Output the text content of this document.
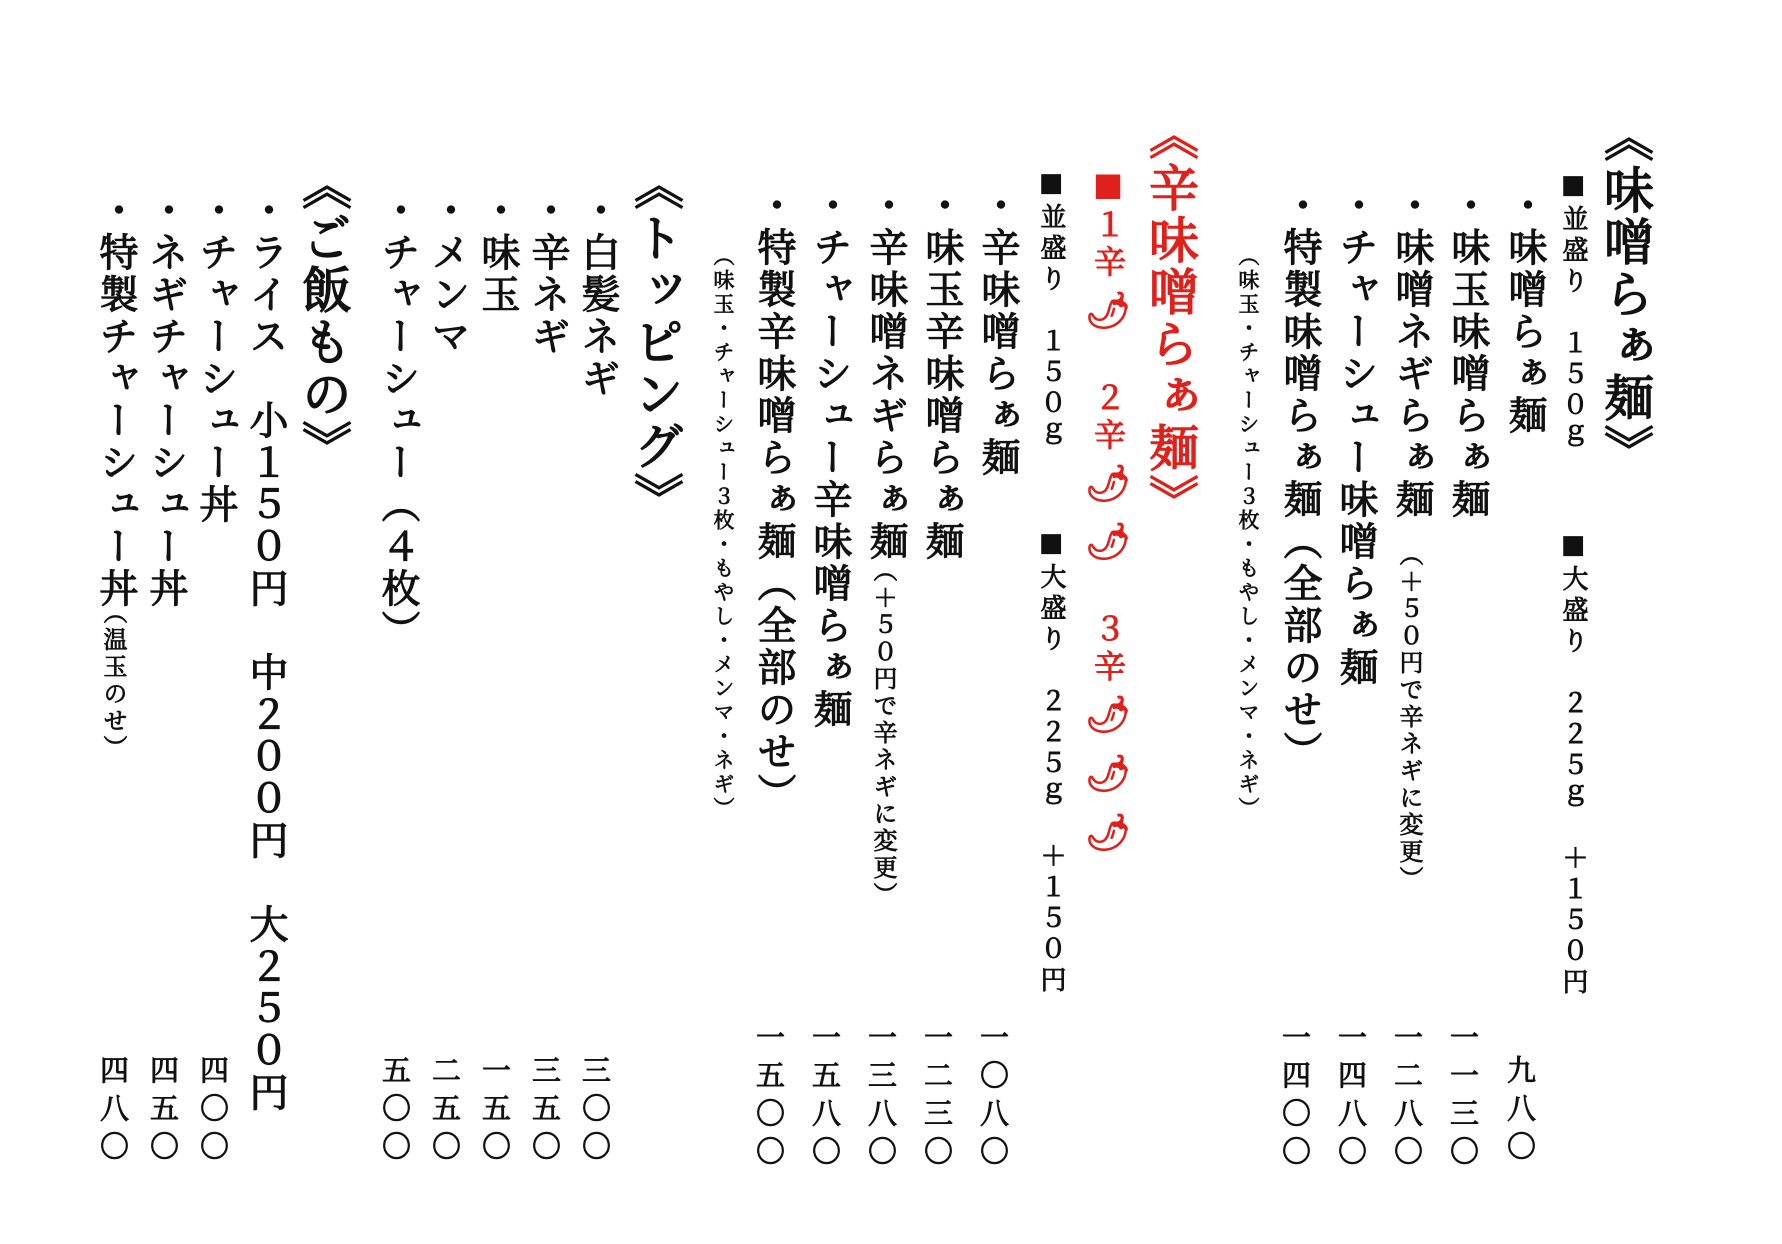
《味噌らぁ麺》
■並盛り　１５０ｇ
■大盛り　２２５ｇ　＋１５０円
・味噌らぁ麺
九八〇
・味玉味噌らぁ麺
一一三〇
・味噌ネギらぁ麺
（＋５０円で辛ネギに変更）
一二八〇
・チャーシュー味噌らぁ麺
一四八〇
・特製味噌らぁ麺（全部のせ）
（味玉・チャーシュー３枚・もやし・メンマ・ネギ）
一四〇〇
《辛味噌らぁ麺》
■１辛🌶２辛🌶🌶３辛🌶🌶🌶
■並盛り　１５０ｇ
■大盛り　２２５ｇ　＋１５０円
・辛味噌らぁ麺
一〇八〇
・味玉辛味噌らぁ麺
一二三〇
・辛味噌ネギらぁ麺
（＋５０円で辛ネギに変更）
一三八〇
・チャーシュー辛味噌らぁ麺
一五八〇
・特製辛味噌らぁ麺（全部のせ）
（味玉・チャーシュー３枚・もやし・メンマ・ネギ）
一五〇〇
《トッピング》
・白髪ネギ
三〇〇
・辛ネギ
三五〇
・味玉
一五〇
・メンマ
二五〇
・チャーシュー（４枚）
五〇〇
《ご飯もの》
・ライス　小１５０円　中２００円　大２５０円
・チャーシュー丼
四〇〇
・ネギチャーシュー丼
四五〇
・特製チャーシュー丼
（温玉のせ）
四八〇
